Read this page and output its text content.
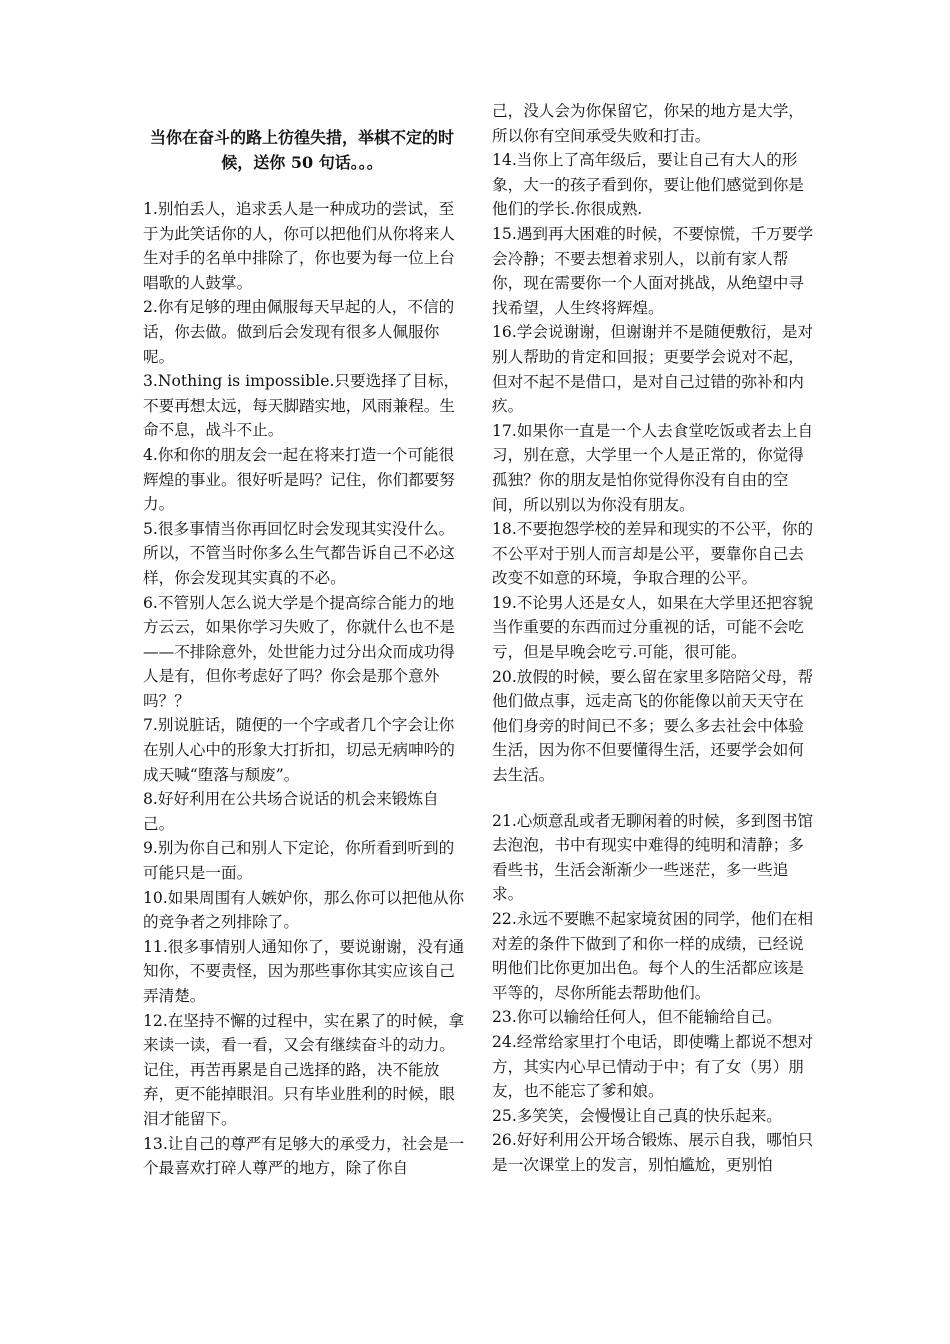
当你在奋斗的路上彷徨失措，举棋不定的时候，送你 50 句话。。。

1.别怕丢人，追求丢人是一种成功的尝试，至于为此笑话你的人，你可以把他们从你将来人生对手的名单中排除了，你也要为每一位上台唱歌的人鼓掌。

2.你有足够的理由佩服每天早起的人，不信的话，你去做。做到后会发现有很多人佩服你呢。

3.Nothing is impossible.只要选择了目标，不要再想太远，每天脚踏实地，风雨兼程。生命不息，战斗不止。

4.你和你的朋友会一起在将来打造一个可能很辉煌的事业。很好听是吗？记住，你们都要努力。

5.很多事情当你再回忆时会发现其实没什么。所以，不管当时你多么生气都告诉自己不必这样，你会发现其实真的不必。

6.不管别人怎么说大学是个提高综合能力的地方云云，如果你学习失败了，你就什么也不是——不排除意外，处世能力过分出众而成功得人是有，但你考虑好了吗？你会是那个意外吗？？

7.别说脏话，随便的一个字或者几个字会让你在别人心中的形象大打折扣，切忌无病呻吟的成天喊“堕落与颓废”。

8.好好利用在公共场合说话的机会来锻炼自己。

9.别为你自己和别人下定论，你所看到听到的可能只是一面。

10.如果周围有人嫉妒你，那么你可以把他从你的竞争者之列排除了。

11.很多事情别人通知你了，要说谢谢，没有通知你，不要责怪，因为那些事你其实应该自己弄清楚。

12.在坚持不懈的过程中，实在累了的时候，拿来读一读，看一看，又会有继续奋斗的动力。记住，再苦再累是自己选择的路，决不能放弃，更不能掉眼泪。只有毕业胜利的时候，眼泪才能留下。

13.让自己的尊严有足够大的承受力，社会是一个最喜欢打碎人尊严的地方，除了你自

己，没人会为你保留它，你呆的地方是大学，所以你有空间承受失败和打击。

14.当你上了高年级后，要让自己有大人的形象，大一的孩子看到你，要让他们感觉到你是他们的学长.你很成熟.

15.遇到再大困难的时候，不要惊慌，千万要学会冷静；不要去想着求别人，以前有家人帮你，现在需要你一个人面对挑战，从绝望中寻找希望，人生终将辉煌。

16.学会说谢谢，但谢谢并不是随便敷衍，是对别人帮助的肯定和回报；更要学会说对不起，但对不起不是借口，是对自己过错的弥补和内疚。

17.如果你一直是一个人去食堂吃饭或者去上自习，别在意，大学里一个人是正常的，你觉得孤独？你的朋友是怕你觉得你没有自由的空间，所以别以为你没有朋友。

18.不要抱怨学校的差异和现实的不公平，你的不公平对于别人而言却是公平，要靠你自己去改变不如意的环境，争取合理的公平。

19.不论男人还是女人，如果在大学里还把容貌当作重要的东西而过分重视的话，可能不会吃亏，但是早晚会吃亏.可能，很可能。

20.放假的时候，要么留在家里多陪陪父母，帮他们做点事，远走高飞的你能像以前天天守在他们身旁的时间已不多；要么多去社会中体验生活，因为你不但要懂得生活，还要学会如何去生活。

21.心烦意乱或者无聊闲着的时候，多到图书馆去泡泡，书中有现实中难得的纯明和清静；多看些书，生活会渐渐少一些迷茫，多一些追求。

22.永远不要瞧不起家境贫困的同学，他们在相对差的条件下做到了和你一样的成绩，已经说明他们比你更加出色。每个人的生活都应该是平等的，尽你所能去帮助他们。

23.你可以输给任何人，但不能输给自己。

24.经常给家里打个电话，即使嘴上都说不想对方，其实内心早已情动于中；有了女（男）朋友，也不能忘了爹和娘。

25.多笑笑，会慢慢让自己真的快乐起来。

26.好好利用公开场合锻炼、展示自我，哪怕只是一次课堂上的发言，别怕尴尬，更别怕
